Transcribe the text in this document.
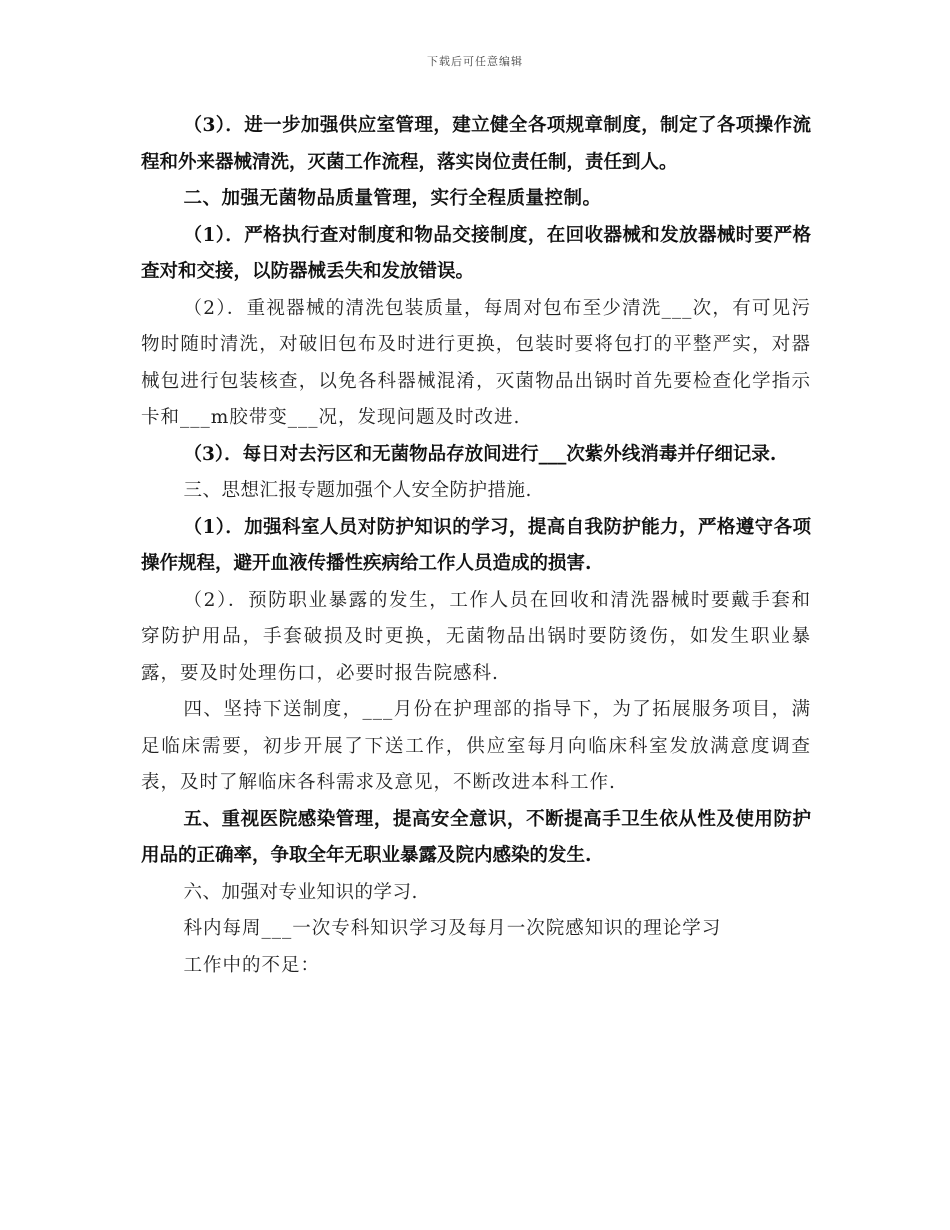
下载后可任意编辑

（3）．进一步加强供应室管理，建立健全各项规章制度，制定了各项操作流程和外来器械清洗，灭菌工作流程，落实岗位责任制，责任到人。

二、加强无菌物品质量管理，实行全程质量控制。

（1）．严格执行查对制度和物品交接制度，在回收器械和发放器械时要严格查对和交接，以防器械丢失和发放错误。

（2）．重视器械的清洗包装质量，每周对包布至少清洗___次，有可见污物时随时清洗，对破旧包布及时进行更换，包装时要将包打的平整严实，对器械包进行包装核查，以免各科器械混淆，灭菌物品出锅时首先要检查化学指示卡和___m胶带变___况，发现问题及时改进.

（3）．每日对去污区和无菌物品存放间进行___次紫外线消毒并仔细记录.

三、思想汇报专题加强个人安全防护措施.

（1）．加强科室人员对防护知识的学习，提高自我防护能力，严格遵守各项操作规程，避开血液传播性疾病给工作人员造成的损害.

（2）．预防职业暴露的发生，工作人员在回收和清洗器械时要戴手套和穿防护用品，手套破损及时更换，无菌物品出锅时要防烫伤，如发生职业暴露，要及时处理伤口，必要时报告院感科.

四、坚持下送制度，___月份在护理部的指导下，为了拓展服务项目，满足临床需要，初步开展了下送工作，供应室每月向临床科室发放满意度调查表，及时了解临床各科需求及意见，不断改进本科工作.

五、重视医院感染管理，提高安全意识，不断提高手卫生依从性及使用防护用品的正确率，争取全年无职业暴露及院内感染的发生.

六、加强对专业知识的学习.

科内每周___一次专科知识学习及每月一次院感知识的理论学习

工作中的不足：
